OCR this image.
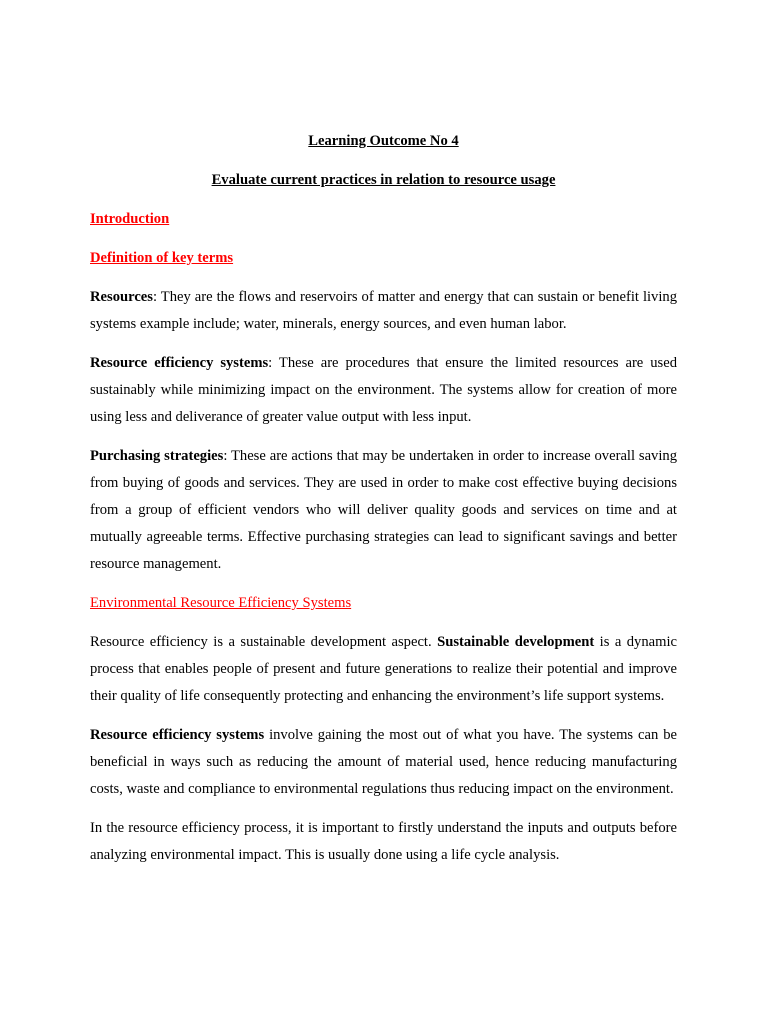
Learning Outcome No 4
Evaluate current practices in relation to resource usage
Introduction
Definition of key terms

Resources: They are the flows and reservoirs of matter and energy that can sustain or benefit living systems example include; water, minerals, energy sources, and even human labor.

Resource efficiency systems: These are procedures that ensure the limited resources are used sustainably while minimizing impact on the environment. The systems allow for creation of more using less and deliverance of greater value output with less input.

Purchasing strategies: These are actions that may be undertaken in order to increase overall saving from buying of goods and services. They are used in order to make cost effective buying decisions from a group of efficient vendors who will deliver quality goods and services on time and at mutually agreeable terms. Effective purchasing strategies can lead to significant savings and better resource management.

Environmental Resource Efficiency Systems

Resource efficiency is a sustainable development aspect. Sustainable development is a dynamic process that enables people of present and future generations to realize their potential and improve their quality of life consequently protecting and enhancing the environment’s life support systems.

Resource efficiency systems involve gaining the most out of what you have. The systems can be beneficial in ways such as reducing the amount of material used, hence reducing manufacturing costs, waste and compliance to environmental regulations thus reducing impact on the environment.

In the resource efficiency process, it is important to firstly understand the inputs and outputs before analyzing environmental impact. This is usually done using a life cycle analysis.
